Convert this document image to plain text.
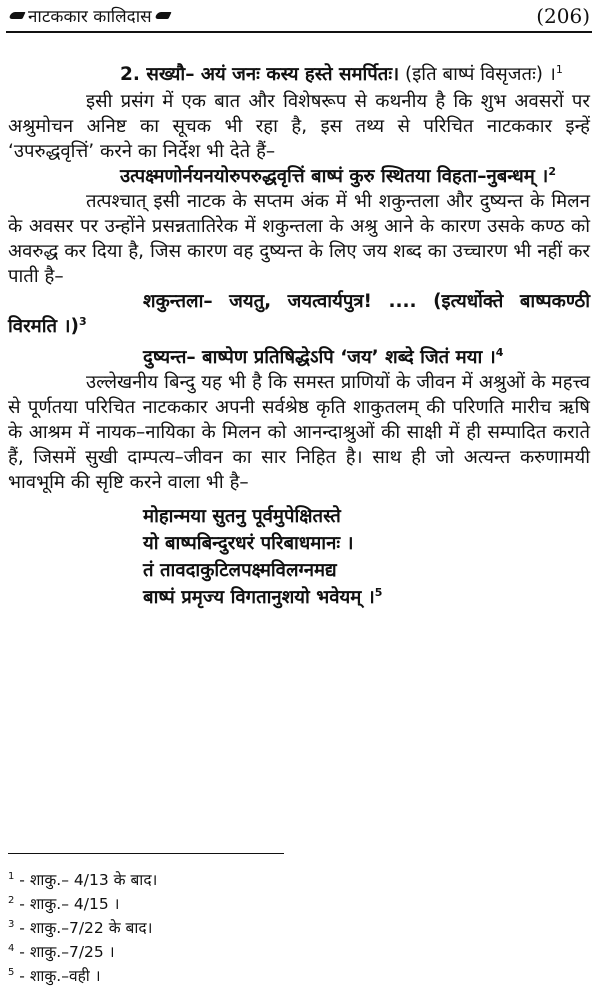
नाटककार कालिदास	(206)

2. सख्यौ– अयं जनः कस्य हस्ते समर्पितः। (इति बाष्पं विसृजतः) ।$^1$

इसी प्रसंग में एक बात और विशेषरूप से कथनीय है कि शुभ अवसरों पर अश्रुमोचन अनिष्ट का सूचक भी रहा है, इस तथ्य से परिचित नाटककार इन्हें ‘उपरुद्धवृत्तिं’ करने का निर्देश भी देते हैं–

उत्पक्ष्मणोर्नयनयोरुपरुद्धवृत्तिं बाष्पं कुरु स्थितया विहता–नुबन्धम् ।$^2$

तत्पश्चात् इसी नाटक के सप्तम अंक में भी शकुन्तला और दुष्यन्त के मिलन के अवसर पर उन्होंने प्रसन्नतातिरेक में शकुन्तला के अश्रु आने के कारण उसके कण्ठ को अवरुद्ध कर दिया है, जिस कारण वह दुष्यन्त के लिए जय शब्द का उच्चारण भी नहीं कर पाती है–

शकुन्तला– जयतु, जयत्वार्यपुत्र! .... (इत्यर्धोक्ते बाष्पकण्ठी विरमति ।)$^3$

दुष्यन्त– बाष्पेण प्रतिषिद्धेऽपि ‘जय’ शब्दे जितं मया ।$^4$

उल्लेखनीय बिन्दु यह भी है कि समस्त प्राणियों के जीवन में अश्रुओं के महत्त्व से पूर्णतया परिचित नाटककार अपनी सर्वश्रेष्ठ कृति शाकुतलम् की परिणति मारीच ऋषि के आश्रम में नायक–नायिका के मिलन को आनन्दाश्रुओं की साक्षी में ही सम्पादित कराते हैं, जिसमें सुखी दाम्पत्य–जीवन का सार निहित है। साथ ही जो अत्यन्त करुणामयी भावभूमि की सृष्टि करने वाला भी है–

मोहान्मया सुतनु पूर्वमुपेक्षितस्ते
यो बाष्पबिन्दुरधरं परिबाधमानः ।
तं तावदाकुटिलपक्ष्मविलग्नमद्य
बाष्पं प्रमृज्य विगतानुशयो भवेयम् ।$^5$
$^1$ - शाकु.– 4/13 के बाद।
$^2$ - शाकु.– 4/15 ।
$^3$ - शाकु.–7/22 के बाद।
$^4$ - शाकु.–7/25 ।
$^5$ - शाकु.–वही ।
